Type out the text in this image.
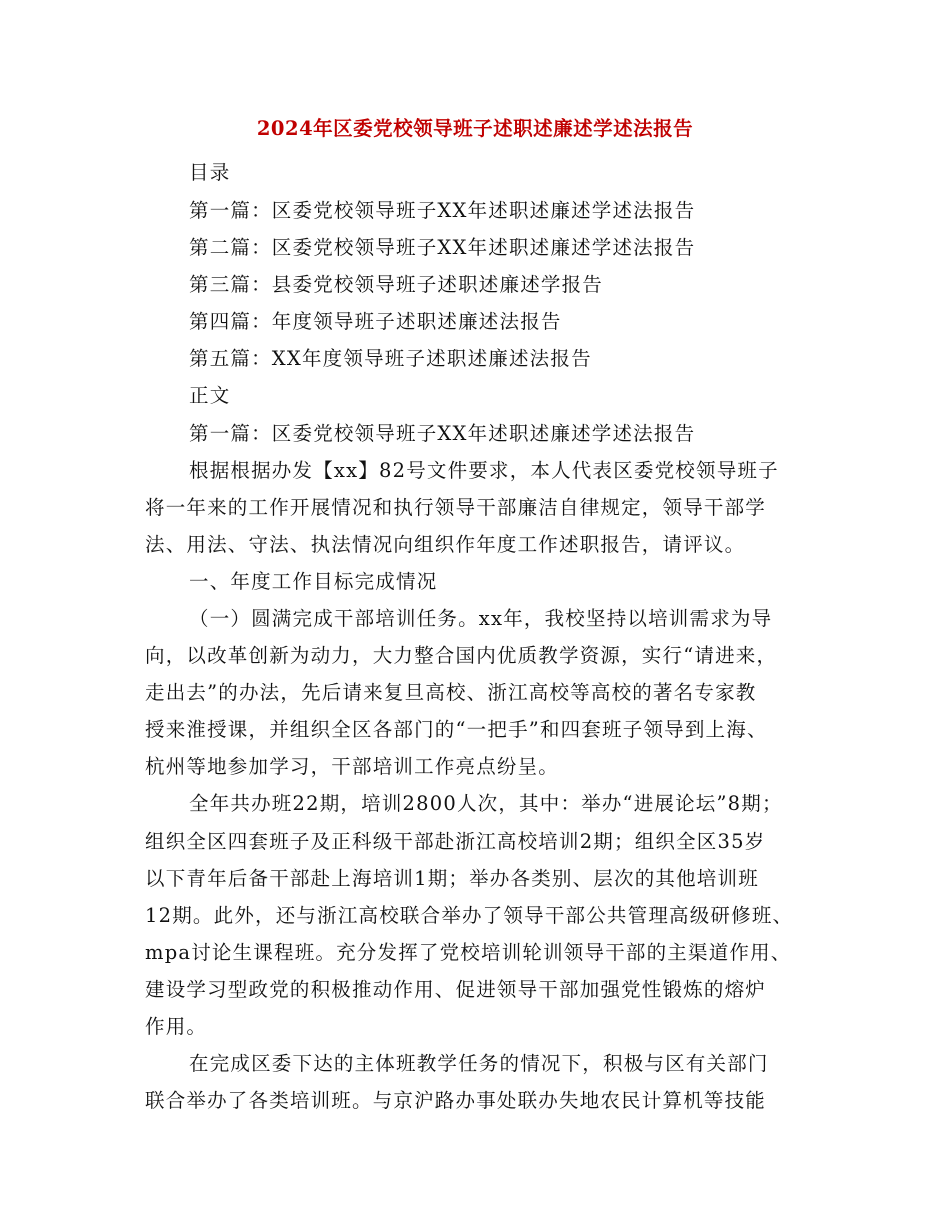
2024年区委党校领导班子述职述廉述学述法报告
目录
第一篇：区委党校领导班子XX年述职述廉述学述法报告
第二篇：区委党校领导班子XX年述职述廉述学述法报告
第三篇：县委党校领导班子述职述廉述学报告
第四篇：年度领导班子述职述廉述法报告
第五篇：XX年度领导班子述职述廉述法报告
正文
第一篇：区委党校领导班子XX年述职述廉述学述法报告
根据根据办发【xx】82号文件要求，本人代表区委党校领导班子
将一年来的工作开展情况和执行领导干部廉洁自律规定，领导干部学
法、用法、守法、执法情况向组织作年度工作述职报告，请评议。
一、年度工作目标完成情况
（一）圆满完成干部培训任务。xx年，我校坚持以培训需求为导
向，以改革创新为动力，大力整合国内优质教学资源，实行“请进来，
走出去”的办法，先后请来复旦高校、浙江高校等高校的著名专家教
授来淮授课，并组织全区各部门的“一把手”和四套班子领导到上海、
杭州等地参加学习，干部培训工作亮点纷呈。
全年共办班22期，培训2800人次，其中：举办“进展论坛”8期；
组织全区四套班子及正科级干部赴浙江高校培训2期；组织全区35岁
以下青年后备干部赴上海培训1期；举办各类别、层次的其他培训班
12期。此外，还与浙江高校联合举办了领导干部公共管理高级研修班、
mpa讨论生课程班。充分发挥了党校培训轮训领导干部的主渠道作用、
建设学习型政党的积极推动作用、促进领导干部加强党性锻炼的熔炉
作用。
在完成区委下达的主体班教学任务的情况下，积极与区有关部门
联合举办了各类培训班。与京沪路办事处联办失地农民计算机等技能
